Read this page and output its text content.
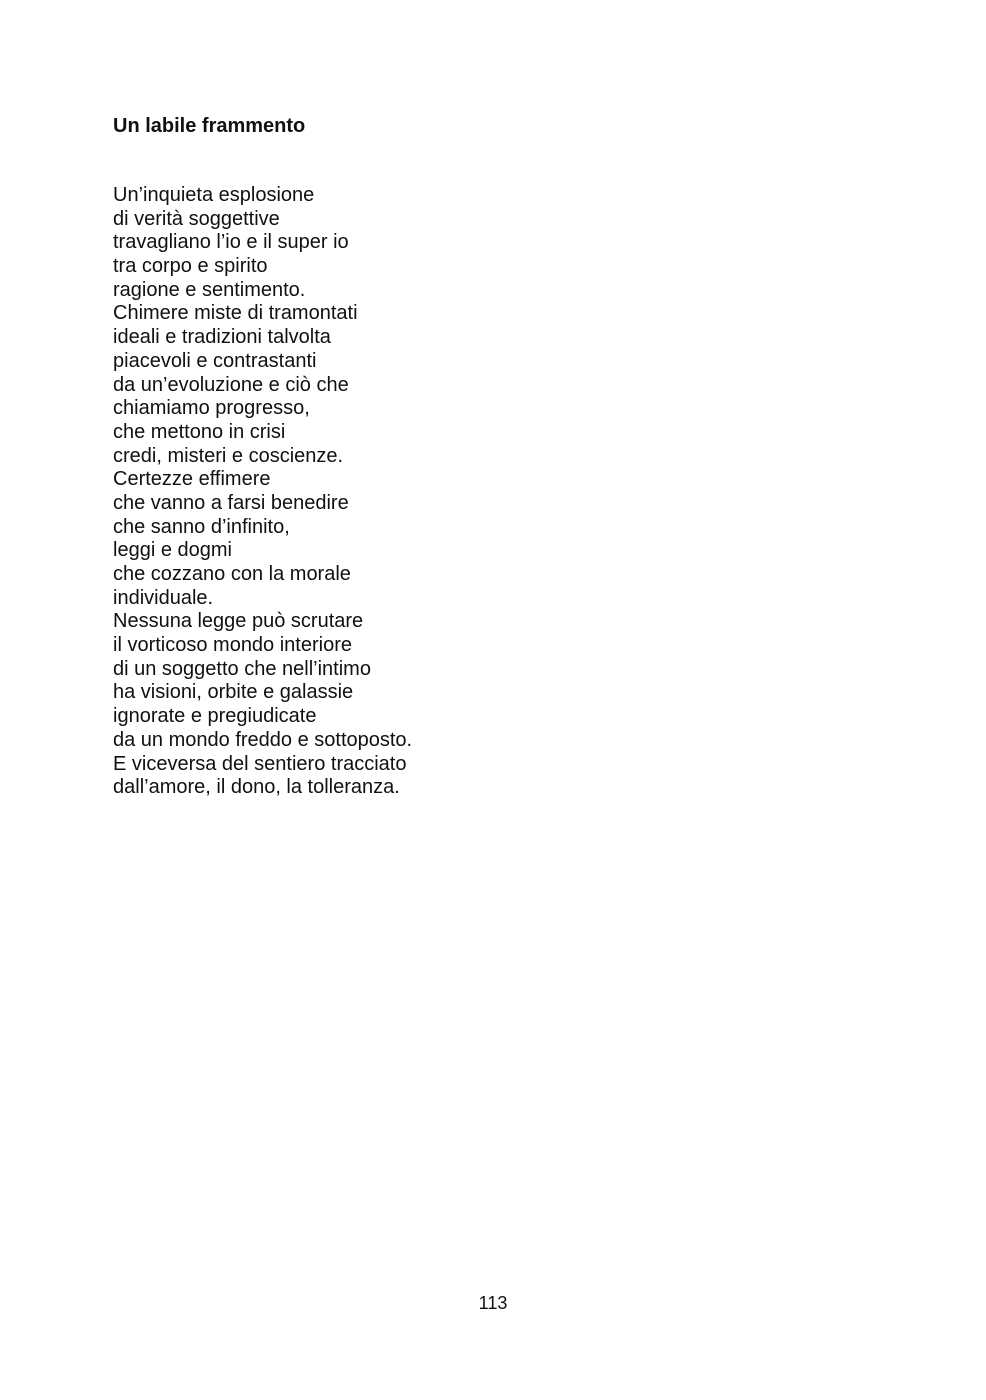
Un labile frammento
Un’inquieta esplosione
di verità soggettive
travagliano l’io e il super io
tra corpo e spirito
ragione e sentimento.
Chimere miste di tramontati
ideali e tradizioni talvolta
piacevoli e contrastanti
da un’evoluzione e ciò che
chiamiamo progresso,
che mettono in crisi
credi, misteri e coscienze.
Certezze effimere
che vanno a farsi benedire
che sanno d’infinito,
leggi e dogmi
che cozzano con la morale
individuale.
Nessuna legge può scrutare
il vorticoso mondo interiore
di un soggetto che nell’intimo
ha visioni, orbite e galassie
ignorate e pregiudicate
da un mondo freddo e sottoposto.
E viceversa del sentiero tracciato
dall’amore, il dono, la tolleranza.
113
